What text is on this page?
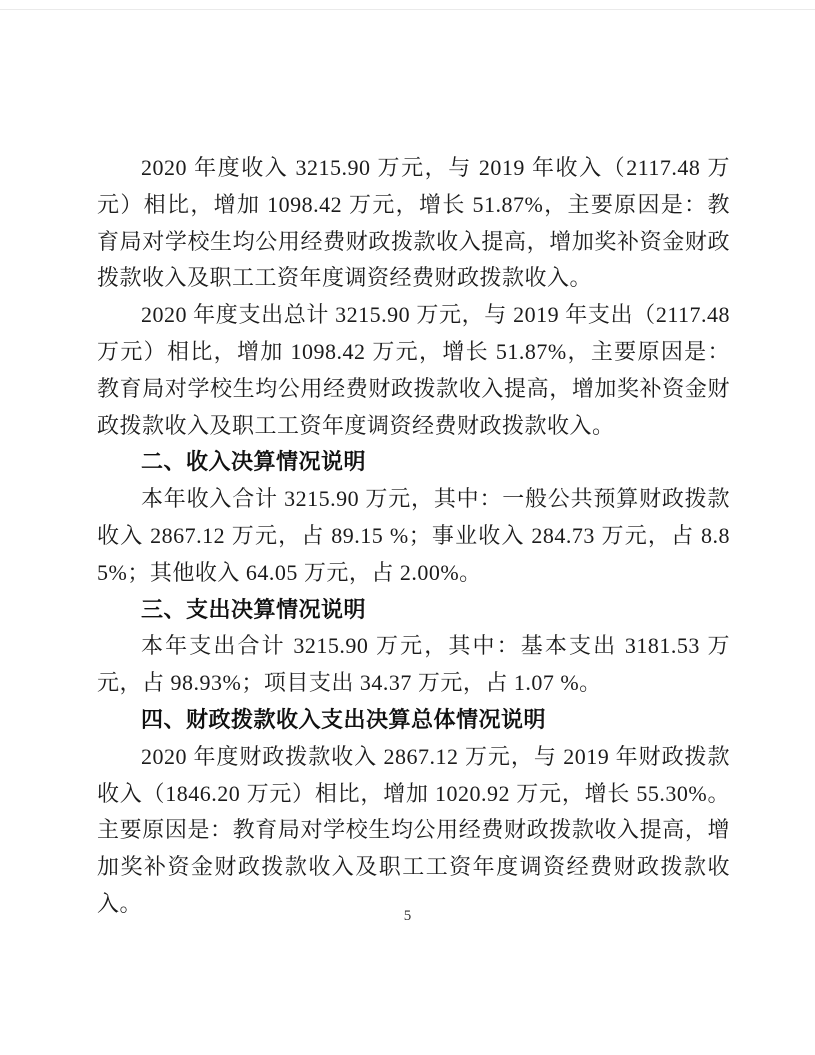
2020 年度收入 3215.90 万元，与 2019 年收入（2117.48 万元）相比，增加 1098.42 万元，增长 51.87%，主要原因是：教育局对学校生均公用经费财政拨款收入提高，增加奖补资金财政拨款收入及职工工资年度调资经费财政拨款收入。

2020 年度支出总计 3215.90 万元，与 2019 年支出（2117.48 万元）相比，增加 1098.42 万元，增长 51.87%，主要原因是：教育局对学校生均公用经费财政拨款收入提高，增加奖补资金财政拨款收入及职工工资年度调资经费财政拨款收入。

二、收入决算情况说明

本年收入合计 3215.90 万元，其中：一般公共预算财政拨款收入 2867.12 万元，占 89.15 %；事业收入 284.73 万元，占 8.85%；其他收入 64.05 万元，占 2.00%。

三、支出决算情况说明

本年支出合计 3215.90 万元，其中：基本支出 3181.53 万元，占 98.93%；项目支出 34.37 万元，占 1.07 %。

四、财政拨款收入支出决算总体情况说明

2020 年度财政拨款收入 2867.12 万元，与 2019 年财政拨款收入（1846.20 万元）相比，增加 1020.92 万元，增长 55.30%。主要原因是：教育局对学校生均公用经费财政拨款收入提高，增加奖补资金财政拨款收入及职工工资年度调资经费财政拨款收入。

5
